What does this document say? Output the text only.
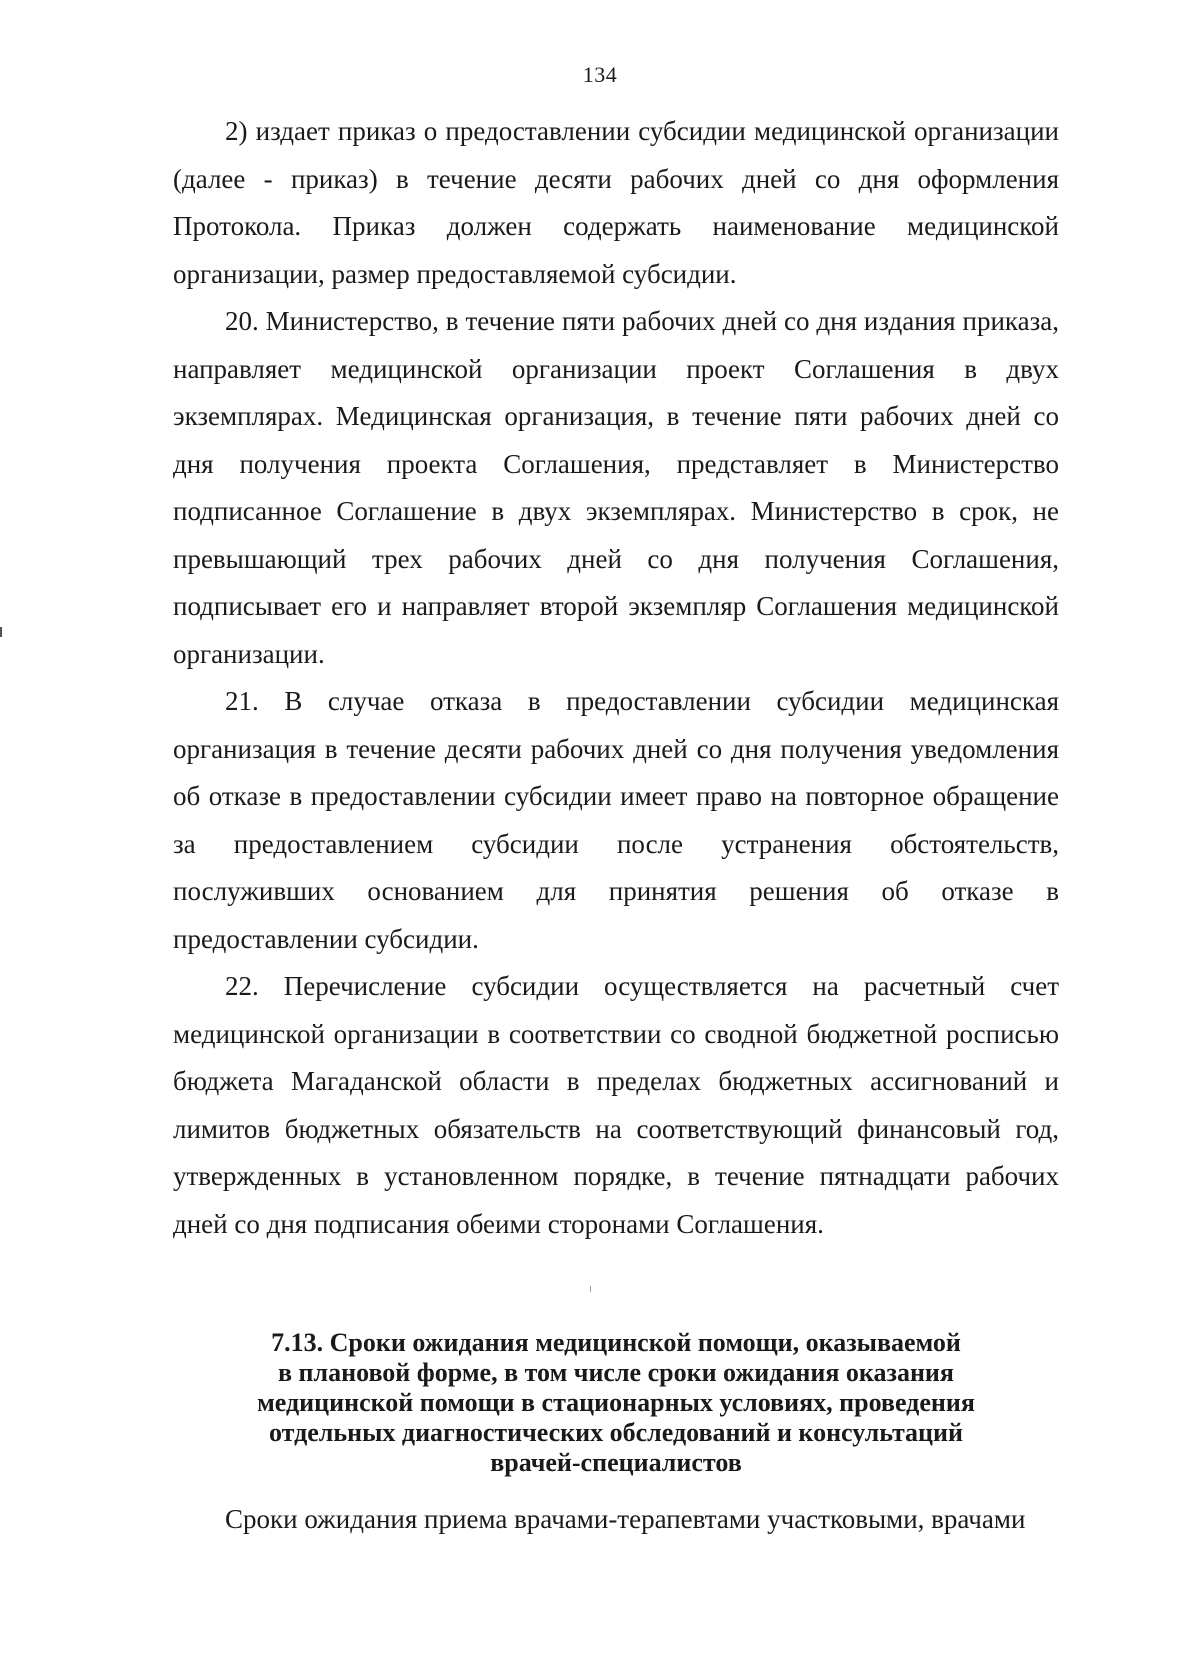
134

2) издает приказ о предоставлении субсидии медицинской организации (далее - приказ) в течение десяти рабочих дней со дня оформления Протокола. Приказ должен содержать наименование медицинской организации, размер предоставляемой субсидии.

20. Министерство, в течение пяти рабочих дней со дня издания приказа, направляет медицинской организации проект Соглашения в двух экземплярах. Медицинская организация, в течение пяти рабочих дней со дня получения проекта Соглашения, представляет в Министерство подписанное Соглашение в двух экземплярах. Министерство в срок, не превышающий трех рабочих дней со дня получения Соглашения, подписывает его и направляет второй экземпляр Соглашения медицинской организации.

21. В случае отказа в предоставлении субсидии медицинская организация в течение десяти рабочих дней со дня получения уведомления об отказе в предоставлении субсидии имеет право на повторное обращение за предоставлением субсидии после устранения обстоятельств, послуживших основанием для принятия решения об отказе в предоставлении субсидии.

22. Перечисление субсидии осуществляется на расчетный счет медицинской организации в соответствии со сводной бюджетной росписью бюджета Магаданской области в пределах бюджетных ассигнований и лимитов бюджетных обязательств на соответствующий финансовый год, утвержденных в установленном порядке, в течение пятнадцати рабочих дней со дня подписания обеими сторонами Соглашения.

7.13. Сроки ожидания медицинской помощи, оказываемой
в плановой форме, в том числе сроки ожидания оказания
медицинской помощи в стационарных условиях, проведения
отдельных диагностических обследований и консультаций
врачей-специалистов

Сроки ожидания приема врачами-терапевтами участковыми, врачами
